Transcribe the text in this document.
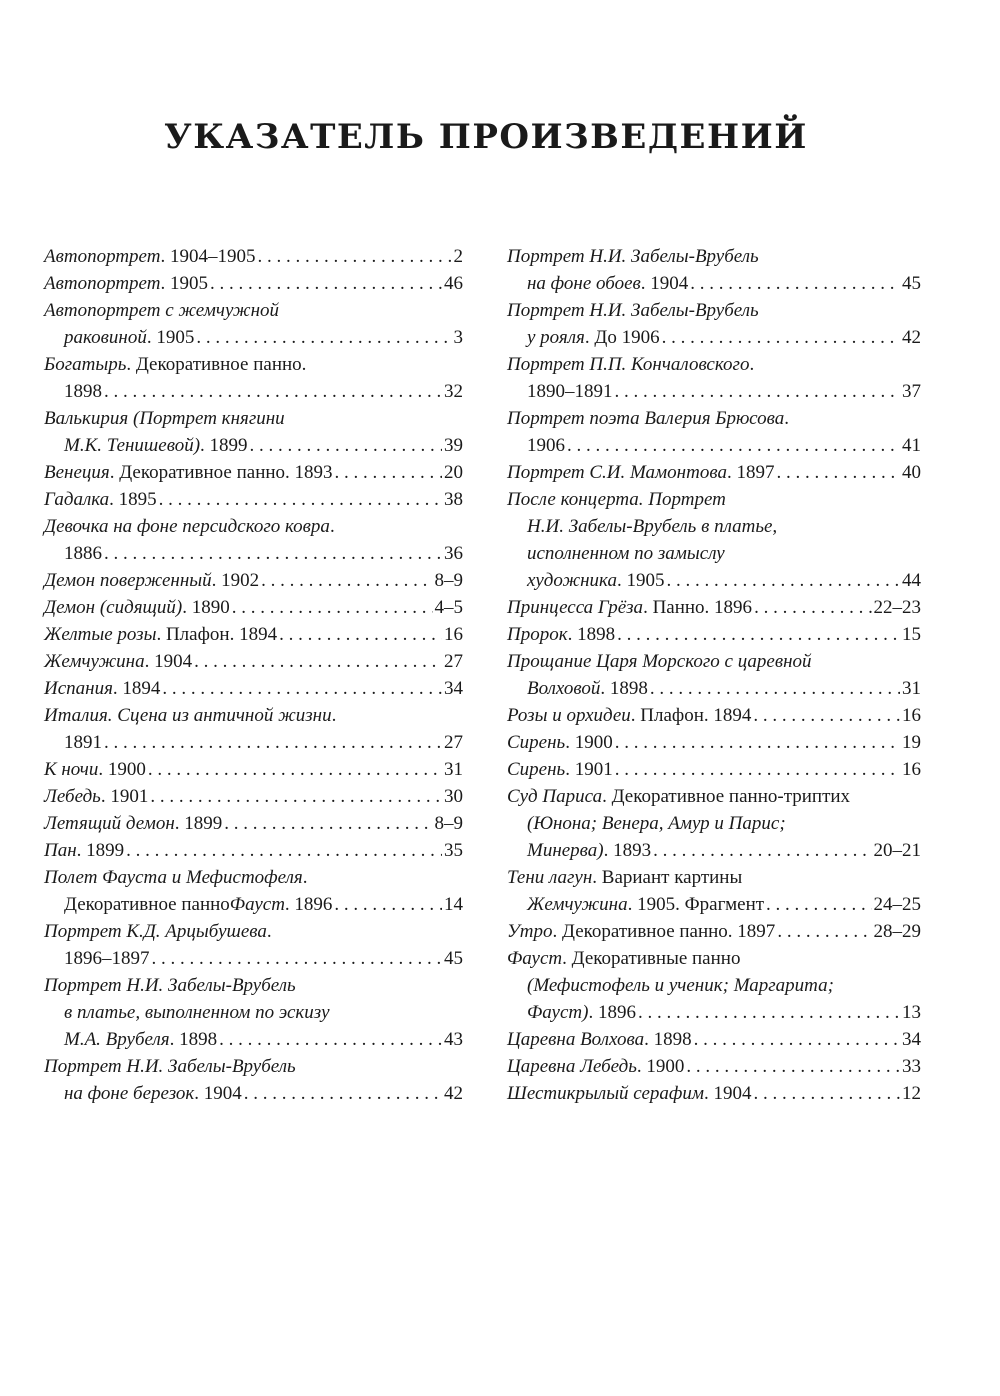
УКАЗАТЕЛЬ ПРОИЗВЕДЕНИЙ
Автопортрет . 1904–1905 . . .	2
Автопортрет . 1905 . . .	46
Автопортрет с жемчужной
раковиной . 1905 . . .	3
Богатырь . Декоративное панно.
1898 . . .	32
Валькирия (Портрет княгини
М.К. Тенишевой) . 1899 . . .	39
Венеция . Декоративное панно. 1893 . . .	20
Гадалка . 1895 . . .	38
Девочка на фоне персидского ковра .
1886 . . .	36
Демон поверженный . 1902 . . .	8–9
Демон (сидящий) . 1890 . . .	4–5
Желтые розы . Плафон. 1894 . . .	16
Жемчужина . 1904 . . .	27
Испания . 1894 . . .	34
Италия. Сцена из античной жизни .
1891 . . .	27
К ночи . 1900 . . .	31
Лебедь . 1901 . . .	30
Летящий демон . 1899 . . .	8–9
Пан . 1899 . . .	35
Полет Фауста и Мефистофеля .
Декоративное панно Фауст . 1896 . . .	14
Портрет К.Д. Арцыбушева .
1896–1897 . . .	45
Портрет Н.И. Забелы-Врубель
в платье, выполненном по эскизу
М.А. Врубеля . 1898 . . .	43
Портрет Н.И. Забелы-Врубель
на фоне березок . 1904 . . .	42
Портрет Н.И. Забелы-Врубель
на фоне обоев . 1904 . . .	45
Портрет Н.И. Забелы-Врубель
у рояля . До 1906 . . .	42
Портрет П.П. Кончаловского .
1890–1891 . . .	37
Портрет поэта Валерия Брюсова .
1906 . . .	41
Портрет С.И. Мамонтова . 1897 . . .	40
После концерта. Портрет
Н.И. Забелы-Врубель в платье,
исполненном по замыслу
художника . 1905 . . .	44
Принцесса Грёза . Панно. 1896 . . .	22–23
Пророк . 1898 . . .	15
Прощание Царя Морского с царевной
Волховой . 1898 . . .	31
Розы и орхидеи . Плафон. 1894 . . .	16
Сирень . 1900 . . .	19
Сирень . 1901 . . .	16
Суд Париса . Декоративное панно-триптих
(Юнона; Венера, Амур и Парис;
Минерва) . 1893 . . .	20–21
Тени лагун . Вариант картины
Жемчужина . 1905. Фрагмент . . .	24–25
Утро . Декоративное панно. 1897 . . .	28–29
Фауст . Декоративные панно
(Мефистофель и ученик; Маргарита;
Фауст) . 1896 . . .	13
Царевна Волхова . 1898 . . .	34
Царевна Лебедь . 1900 . . .	33
Шестикрылый серафим . 1904 . . .	12
